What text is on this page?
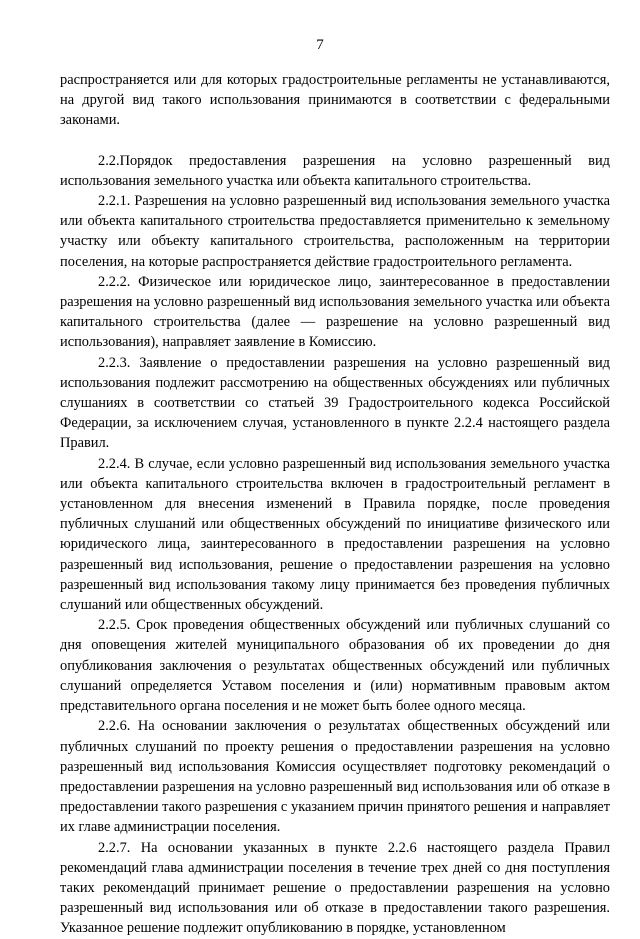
7

распространяется или для которых градостроительные регламенты не устанавливаются, на другой вид такого использования принимаются в соответствии с федеральными законами.

2.2.Порядок предоставления разрешения на условно разрешенный вид использования земельного участка или объекта капитального строительства.

2.2.1. Разрешения на условно разрешенный вид использования земельного участка или объекта капитального строительства предоставляется применительно к земельному участку или объекту капитального строительства, расположенным на территории поселения, на которые распространяется действие градостроительного регламента.

2.2.2. Физическое или юридическое лицо, заинтересованное в предоставлении разрешения на условно разрешенный вид использования земельного участка или объекта капитального строительства (далее — разрешение на условно разрешенный вид использования), направляет заявление в Комиссию.

2.2.3. Заявление о предоставлении разрешения на условно разрешенный вид использования подлежит рассмотрению на общественных обсуждениях или публичных слушаниях в соответствии со статьей 39 Градостроительного кодекса Российской Федерации, за исключением случая, установленного в пункте 2.2.4 настоящего раздела Правил.

2.2.4. В случае, если условно разрешенный вид использования земельного участка или объекта капитального строительства включен в градостроительный регламент в установленном для внесения изменений в Правила порядке, после проведения публичных слушаний или общественных обсуждений по инициативе физического или юридического лица, заинтересованного в предоставлении разрешения на условно разрешенный вид использования, решение о предоставлении разрешения на условно разрешенный вид использования такому лицу принимается без проведения публичных слушаний или общественных обсуждений.

2.2.5. Срок проведения общественных обсуждений или публичных слушаний со дня оповещения жителей муниципального образования об их проведении до дня опубликования заключения о результатах общественных обсуждений или публичных слушаний определяется Уставом поселения и (или) нормативным правовым актом представительного органа поселения и не может быть более одного месяца.

2.2.6. На основании заключения о результатах общественных обсуждений или публичных слушаний по проекту решения о предоставлении разрешения на условно разрешенный вид использования Комиссия осуществляет подготовку рекомендаций о предоставлении разрешения на условно разрешенный вид использования или об отказе в предоставлении такого разрешения с указанием причин принятого решения и направляет их главе администрации поселения.

2.2.7. На основании указанных в пункте 2.2.6 настоящего раздела Правил рекомендаций глава администрации поселения в течение трех дней со дня поступления таких рекомендаций принимает решение о предоставлении разрешения на условно разрешенный вид использования или об отказе в предоставлении такого разрешения. Указанное решение подлежит опубликованию в порядке, установленном
